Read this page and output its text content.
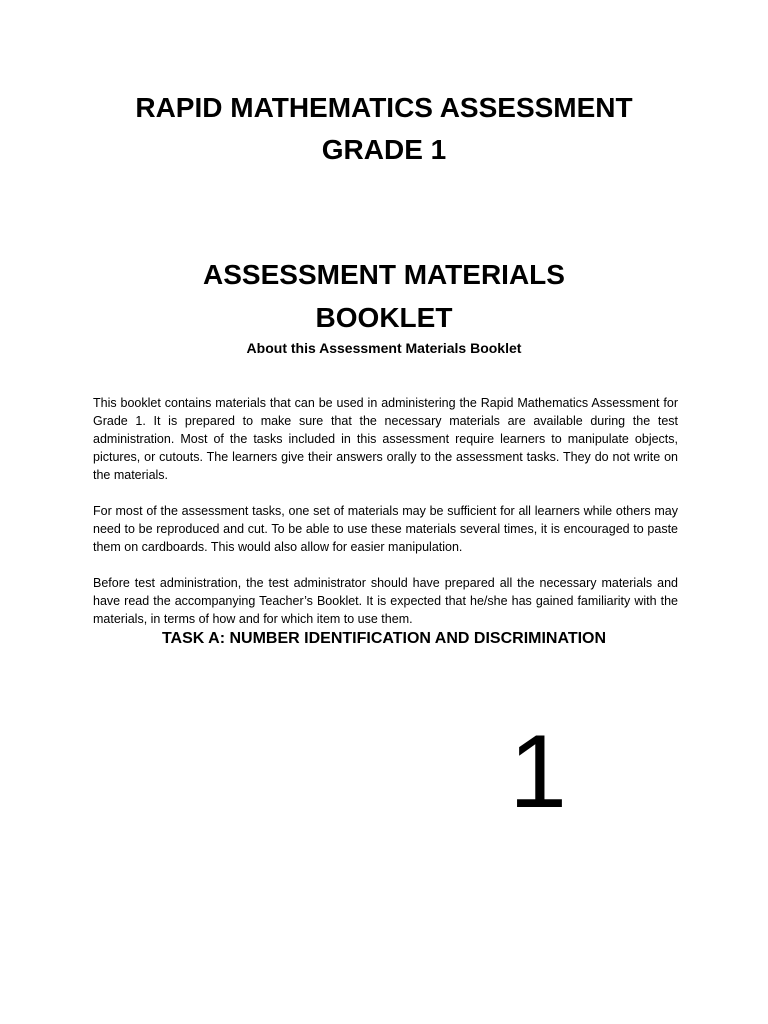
RAPID MATHEMATICS ASSESSMENT
GRADE 1
ASSESSMENT MATERIALS
BOOKLET
About this Assessment Materials Booklet

This booklet contains materials that can be used in administering the Rapid Mathematics Assessment for Grade 1. It is prepared to make sure that the necessary materials are available during the test administration. Most of the tasks included in this assessment require learners to manipulate objects, pictures, or cutouts. The learners give their answers orally to the assessment tasks. They do not write on the materials.

For most of the assessment tasks, one set of materials may be sufficient for all learners while others may need to be reproduced and cut. To be able to use these materials several times, it is encouraged to paste them on cardboards. This would also allow for easier manipulation.

Before test administration, the test administrator should have prepared all the necessary materials and have read the accompanying Teacher’s Booklet. It is expected that he/she has gained familiarity with the materials, in terms of how and for which item to use them.

TASK A: NUMBER IDENTIFICATION AND DISCRIMINATION
1
